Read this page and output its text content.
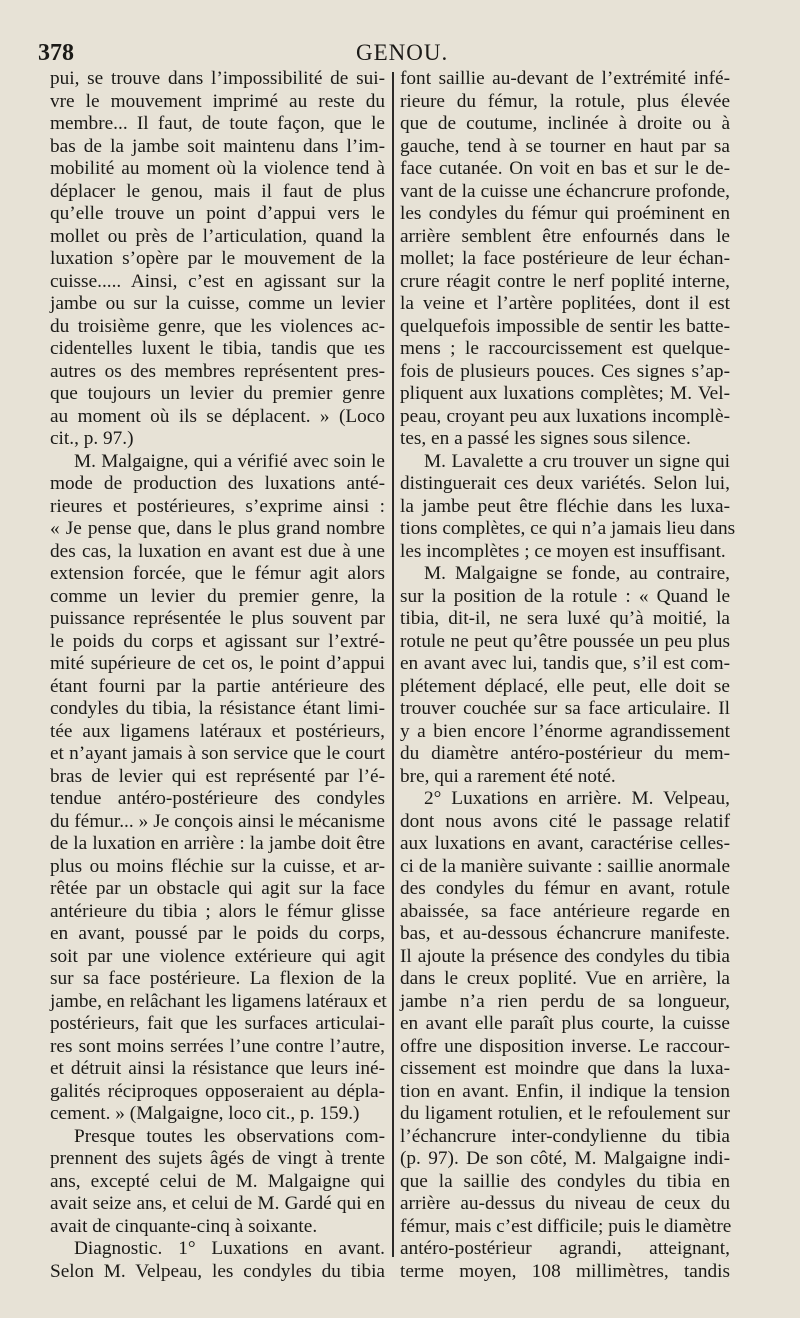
378	GENOU.
pui, se trouve dans l’impossibilité de sui-
vre le mouvement imprimé au reste du
membre... Il faut, de toute façon, que le
bas de la jambe soit maintenu dans l’im-
mobilité au moment où la violence tend à
déplacer le genou, mais il faut de plus
qu’elle trouve un point d’appui vers le
mollet ou près de l’articulation, quand la
luxation s’opère par le mouvement de la
cuisse..... Ainsi, c’est en agissant sur la
jambe ou sur la cuisse, comme un levier
du troisième genre, que les violences ac-
cidentelles luxent le tibia, tandis que ιes
autres os des membres représentent pres-
que toujours un levier du premier genre
au moment où ils se déplacent. » (Loco
cit., p. 97.)
M. Malgaigne, qui a vérifié avec soin le
mode de production des luxations anté-
rieures et postérieures, s’exprime ainsi :
« Je pense que, dans le plus grand nombre
des cas, la luxation en avant est due à une
extension forcée, que le fémur agit alors
comme un levier du premier genre, la
puissance représentée le plus souvent par
le poids du corps et agissant sur l’extré-
mité supérieure de cet os, le point d’appui
étant fourni par la partie antérieure des
condyles du tibia, la résistance étant limi-
tée aux ligamens latéraux et postérieurs,
et n’ayant jamais à son service que le court
bras de levier qui est représenté par l’é-
tendue antéro-postérieure des condyles
du fémur... » Je conçois ainsi le mécanisme
de la luxation en arrière : la jambe doit être
plus ou moins fléchie sur la cuisse, et ar-
rêtée par un obstacle qui agit sur la face
antérieure du tibia ; alors le fémur glisse
en avant, poussé par le poids du corps,
soit par une violence extérieure qui agit
sur sa face postérieure. La flexion de la
jambe, en relâchant les ligamens latéraux et
postérieurs, fait que les surfaces articulai-
res sont moins serrées l’une contre l’autre,
et détruit ainsi la résistance que leurs iné-
galités réciproques opposeraient au dépla-
cement. » (Malgaigne, loco cit., p. 159.)
Presque toutes les observations com-
prennent des sujets âgés de vingt à trente
ans, excepté celui de M. Malgaigne qui
avait seize ans, et celui de M. Gardé qui en
avait de cinquante-cinq à soixante.
Diagnostic. 1° Luxations en avant.
Selon M. Velpeau, les condyles du tibia
font saillie au-devant de l’extrémité infé-
rieure du fémur, la rotule, plus élevée
que de coutume, inclinée à droite ou à
gauche, tend à se tourner en haut par sa
face cutanée. On voit en bas et sur le de-
vant de la cuisse une échancrure profonde,
les condyles du fémur qui proéminent en
arrière semblent être enfournés dans le
mollet; la face postérieure de leur échan-
crure réagit contre le nerf poplité interne,
la veine et l’artère poplitées, dont il est
quelquefois impossible de sentir les batte-
mens ; le raccourcissement est quelque-
fois de plusieurs pouces. Ces signes s’ap-
pliquent aux luxations complètes; M. Vel-
peau, croyant peu aux luxations incomplè-
tes, en a passé les signes sous silence.
M. Lavalette a cru trouver un signe qui
distinguerait ces deux variétés. Selon lui,
la jambe peut être fléchie dans les luxa-
tions complètes, ce qui n’a jamais lieu dans
les incomplètes ; ce moyen est insuffisant.
M. Malgaigne se fonde, au contraire,
sur la position de la rotule : « Quand le
tibia, dit-il, ne sera luxé qu’à moitié, la
rotule ne peut qu’être poussée un peu plus
en avant avec lui, tandis que, s’il est com-
plétement déplacé, elle peut, elle doit se
trouver couchée sur sa face articulaire. Il
y a bien encore l’énorme agrandissement
du diamètre antéro-postérieur du mem-
bre, qui a rarement été noté.
2° Luxations en arrière. M. Velpeau,
dont nous avons cité le passage relatif
aux luxations en avant, caractérise celles-
ci de la manière suivante : saillie anormale
des condyles du fémur en avant, rotule
abaissée, sa face antérieure regarde en
bas, et au-dessous échancrure manifeste.
Il ajoute la présence des condyles du tibia
dans le creux poplité. Vue en arrière, la
jambe n’a rien perdu de sa longueur,
en avant elle paraît plus courte, la cuisse
offre une disposition inverse. Le raccour-
cissement est moindre que dans la luxa-
tion en avant. Enfin, il indique la tension
du ligament rotulien, et le refoulement sur
l’échancrure inter-condylienne du tibia
(p. 97). De son côté, M. Malgaigne indi-
que la saillie des condyles du tibia en
arrière au-dessus du niveau de ceux du
fémur, mais c’est difficile; puis le diamètre
antéro-postérieur agrandi, atteignant,
terme moyen, 108 millimètres, tandis
